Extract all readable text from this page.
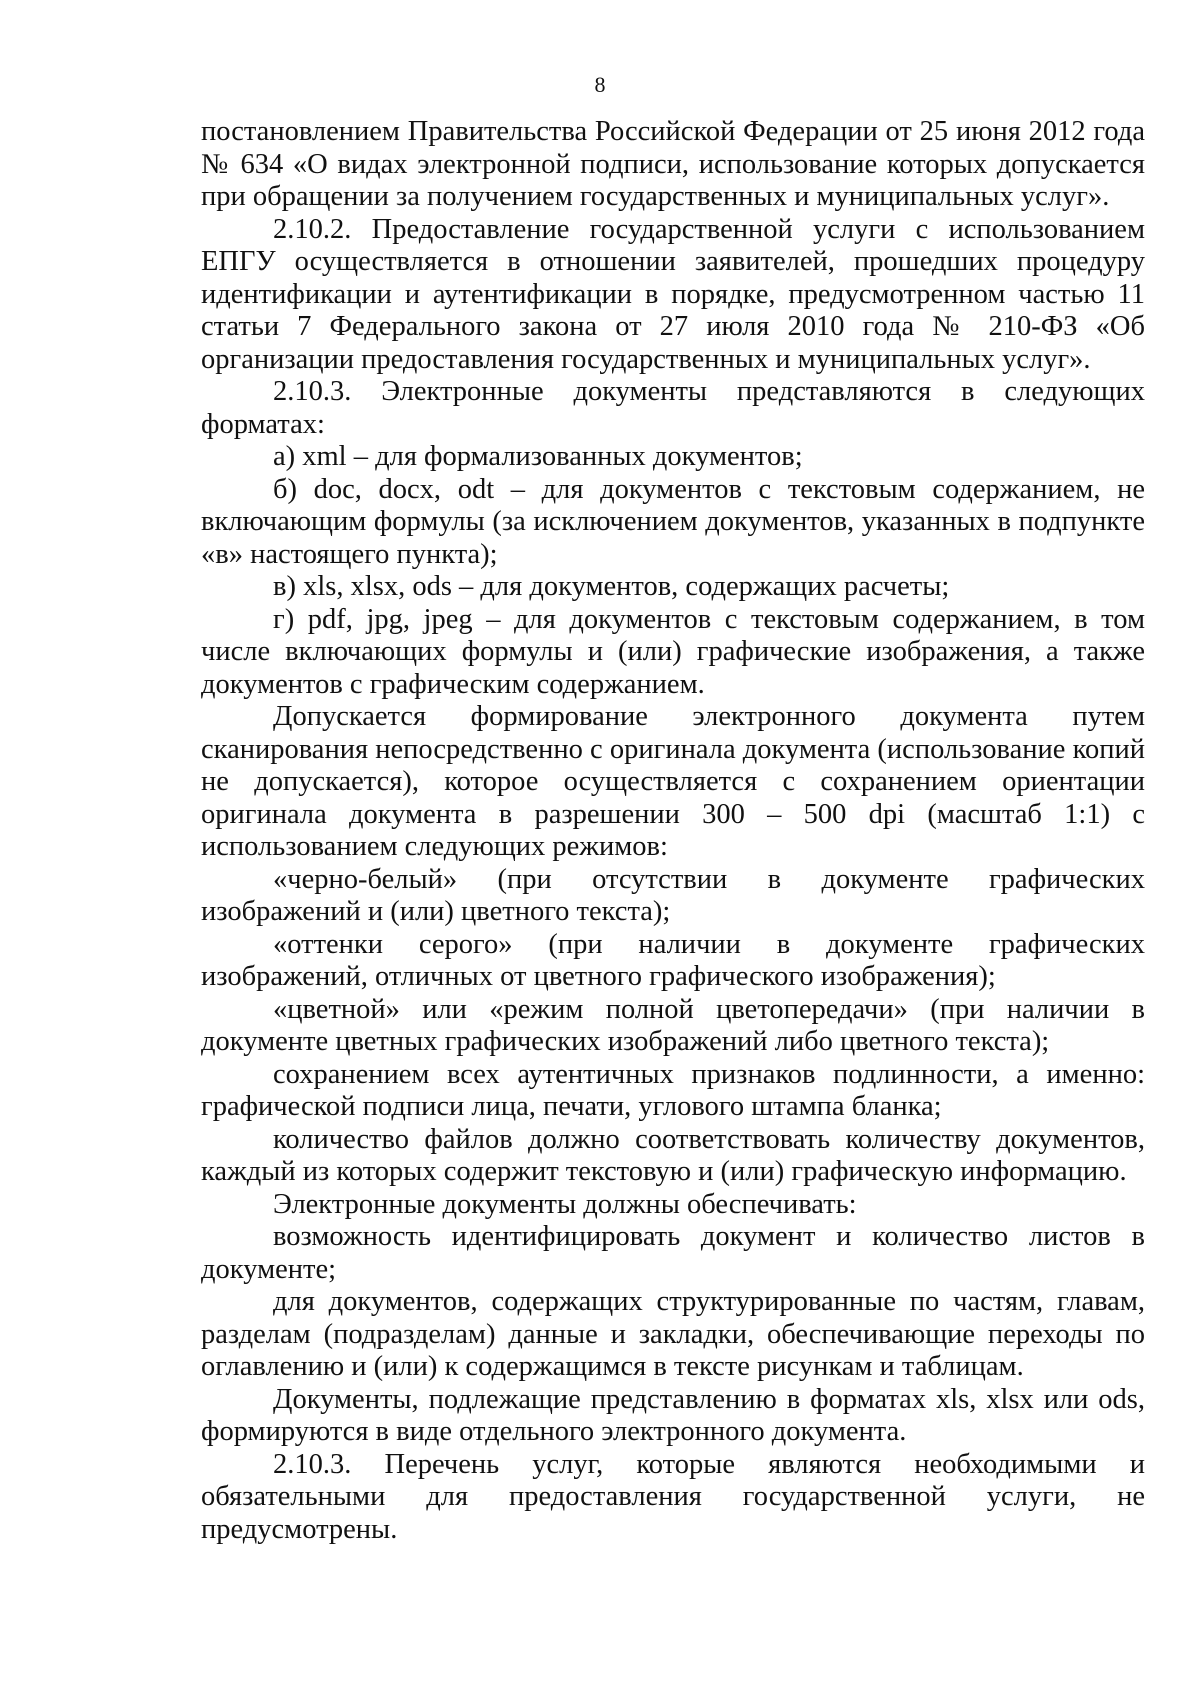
8

постановлением Правительства Российской Федерации от 25 июня 2012 года № 634 «О видах электронной подписи, использование которых допускается при обращении за получением государственных и муниципальных услуг».

2.10.2. Предоставление государственной услуги с использованием ЕПГУ осуществляется в отношении заявителей, прошедших процедуру идентификации и аутентификации в порядке, предусмотренном частью 11 статьи 7 Федерального закона от 27 июля 2010 года № 210-ФЗ «Об организации предоставления государственных и муниципальных услуг».

2.10.3. Электронные документы представляются в следующих форматах:

а) xml – для формализованных документов;

б) doc, docx, odt – для документов с текстовым содержанием, не включающим формулы (за исключением документов, указанных в подпункте «в» настоящего пункта);

в) xls, xlsx, ods – для документов, содержащих расчеты;

г) pdf, jpg, jpeg – для документов с текстовым содержанием, в том числе включающих формулы и (или) графические изображения, а также документов с графическим содержанием.

Допускается формирование электронного документа путем сканирования непосредственно с оригинала документа (использование копий не допускается), которое осуществляется с сохранением ориентации оригинала документа в разрешении 300 – 500 dpi (масштаб 1:1) с использованием следующих режимов:

«черно-белый» (при отсутствии в документе графических изображений и (или) цветного текста);

«оттенки серого» (при наличии в документе графических изображений, отличных от цветного графического изображения);

«цветной» или «режим полной цветопередачи» (при наличии в документе цветных графических изображений либо цветного текста);

сохранением всех аутентичных признаков подлинности, а именно: графической подписи лица, печати, углового штампа бланка;

количество файлов должно соответствовать количеству документов, каждый из которых содержит текстовую и (или) графическую информацию.

Электронные документы должны обеспечивать:

возможность идентифицировать документ и количество листов в документе;

для документов, содержащих структурированные по частям, главам, разделам (подразделам) данные и закладки, обеспечивающие переходы по оглавлению и (или) к содержащимся в тексте рисункам и таблицам.

Документы, подлежащие представлению в форматах xls, xlsx или ods, формируются в виде отдельного электронного документа.

2.10.3. Перечень услуг, которые являются необходимыми и обязательными для предоставления государственной услуги, не предусмотрены.
